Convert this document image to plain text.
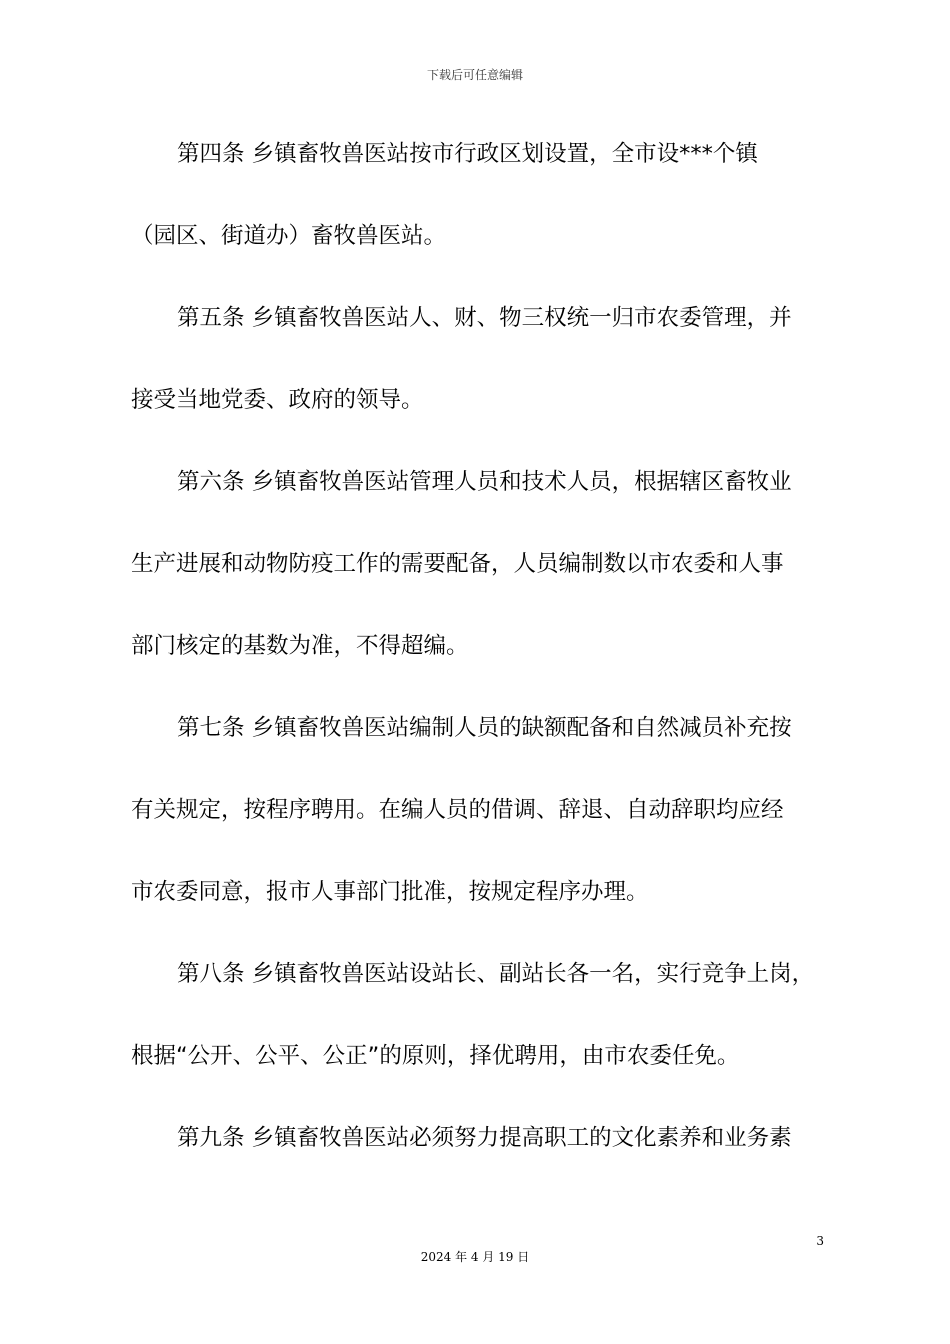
下载后可任意编辑
第四条 乡镇畜牧兽医站按市行政区划设置，全市设***个镇
（园区、街道办）畜牧兽医站。
第五条 乡镇畜牧兽医站人、财、物三权统一归市农委管理，并
接受当地党委、政府的领导。
第六条 乡镇畜牧兽医站管理人员和技术人员，根据辖区畜牧业
生产进展和动物防疫工作的需要配备，人员编制数以市农委和人事
部门核定的基数为准，不得超编。
第七条 乡镇畜牧兽医站编制人员的缺额配备和自然减员补充按
有关规定，按程序聘用。在编人员的借调、辞退、自动辞职均应经
市农委同意，报市人事部门批准，按规定程序办理。
第八条 乡镇畜牧兽医站设站长、副站长各一名，实行竞争上岗，
根据“公开、公平、公正”的原则，择优聘用，由市农委任免。
第九条 乡镇畜牧兽医站必须努力提高职工的文化素养和业务素
3
2024 年 4 月 19 日
